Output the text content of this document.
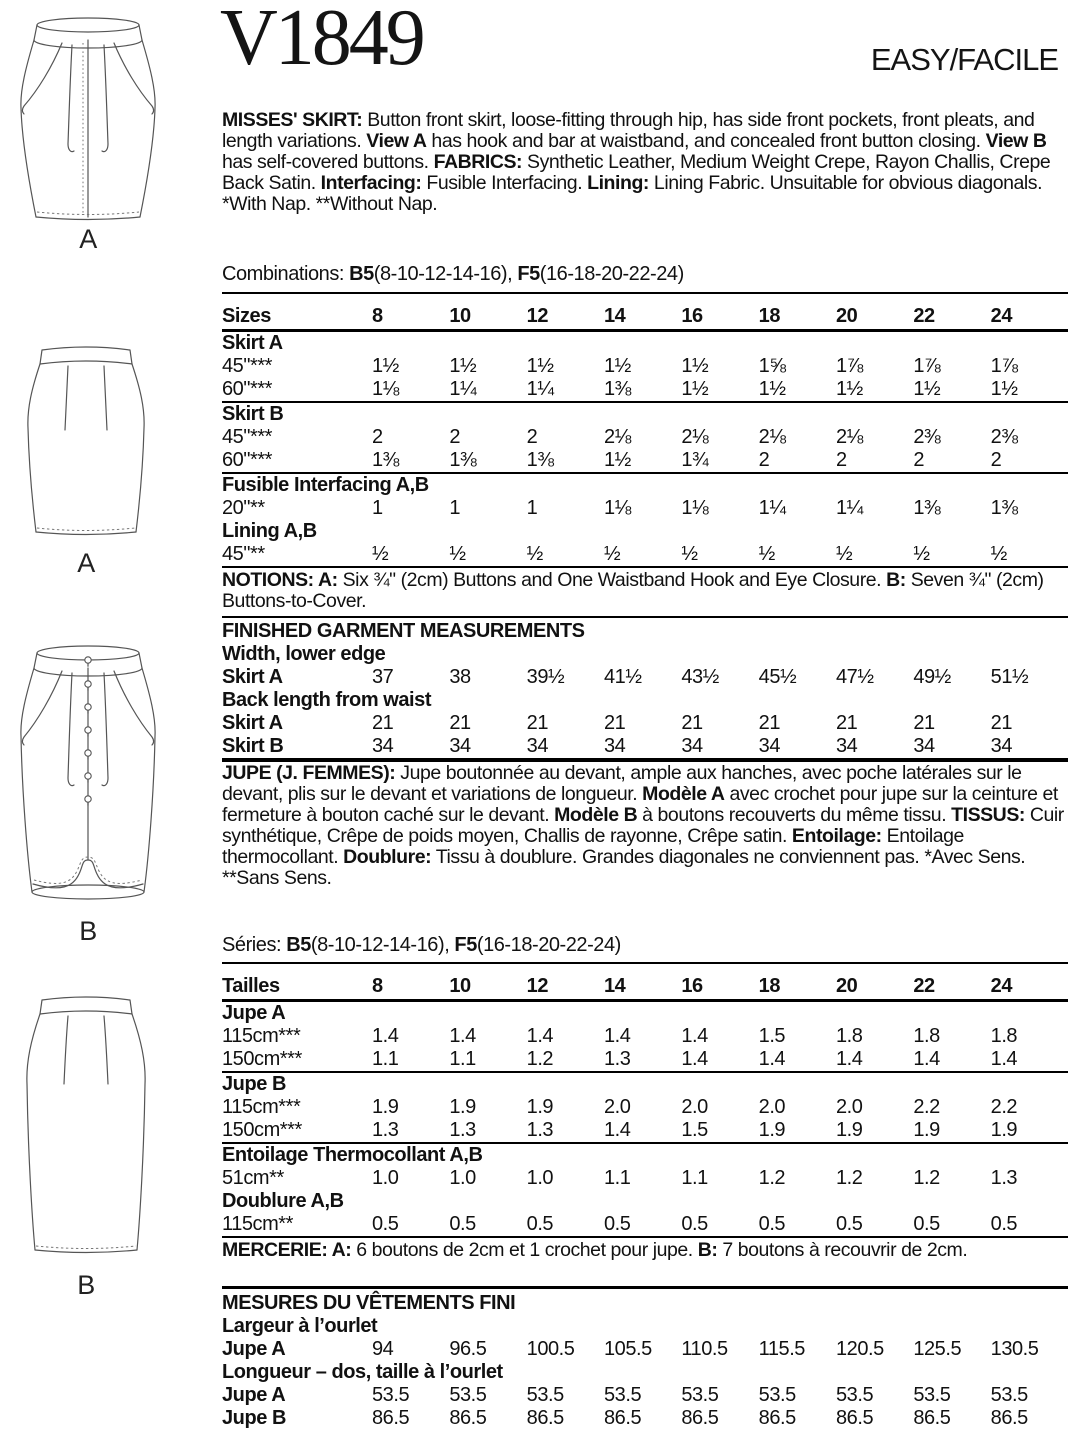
A
A
B
B
V1849	EASY/FACILE
MISSES' SKIRT: Button front skirt, loose-fitting through hip, has side front pockets, front pleats, and length variations. View A has hook and bar at waistband, and concealed front button closing. View B has self-covered buttons. FABRICS: Synthetic Leather, Medium Weight Crepe, Rayon Challis, Crepe Back Satin. Interfacing: Fusible Interfacing. Lining: Lining Fabric. Unsuitable for obvious diagonals. *With Nap. **Without Nap.
Combinations: B5(8-10-12-14-16), F5(16-18-20-22-24)
Sizes	8	10	12	14	16	18	20	22	24
Skirt A
45"***	1½	1½	1½	1½	1½	1⅝	1⅞	1⅞	1⅞
60"***	1⅛	1¼	1¼	1⅜	1½	1½	1½	1½	1½
Skirt B
45"***	2	2	2	2⅛	2⅛	2⅛	2⅛	2⅜	2⅜
60"***	1⅜	1⅜	1⅜	1½	1¾	2	2	2	2
Fusible Interfacing A,B
20"**	1	1	1	1⅛	1⅛	1¼	1¼	1⅜	1⅜
Lining A,B
45"**	½	½	½	½	½	½	½	½	½
NOTIONS: A: Six ¾" (2cm) Buttons and One Waistband Hook and Eye Closure. B: Seven ¾" (2cm) Buttons-to-Cover.
FINISHED GARMENT MEASUREMENTS
Width, lower edge
Skirt A	37	38	39½	41½	43½	45½	47½	49½	51½
Back length from waist
Skirt A	21	21	21	21	21	21	21	21	21
Skirt B	34	34	34	34	34	34	34	34	34
JUPE (J. FEMMES): Jupe boutonnée au devant, ample aux hanches, avec poche latérales sur le devant, plis sur le devant et variations de longueur. Modèle A avec crochet pour jupe sur la ceinture et fermeture à bouton caché sur le devant. Modèle B à boutons recouverts du même tissu. TISSUS: Cuir synthétique, Crêpe de poids moyen, Challis de rayonne, Crêpe satin. Entoilage: Entoilage thermocollant. Doublure: Tissu à doublure. Grandes diagonales ne conviennent pas. *Avec Sens. **Sans Sens.
Séries: B5(8-10-12-14-16), F5(16-18-20-22-24)
Tailles	8	10	12	14	16	18	20	22	24
Jupe A
115cm***	1.4	1.4	1.4	1.4	1.4	1.5	1.8	1.8	1.8
150cm***	1.1	1.1	1.2	1.3	1.4	1.4	1.4	1.4	1.4
Jupe B
115cm***	1.9	1.9	1.9	2.0	2.0	2.0	2.0	2.2	2.2
150cm***	1.3	1.3	1.3	1.4	1.5	1.9	1.9	1.9	1.9
Entoilage Thermocollant A,B
51cm**	1.0	1.0	1.0	1.1	1.1	1.2	1.2	1.2	1.3
Doublure A,B
115cm**	0.5	0.5	0.5	0.5	0.5	0.5	0.5	0.5	0.5
MERCERIE: A: 6 boutons de 2cm et 1 crochet pour jupe. B: 7 boutons à recouvrir de 2cm.
MESURES DU VÊTEMENTS FINI
Largeur à l’ourlet
Jupe A	94	96.5	100.5	105.5	110.5	115.5	120.5	125.5	130.5
Longueur – dos, taille à l’ourlet
Jupe A	53.5	53.5	53.5	53.5	53.5	53.5	53.5	53.5	53.5
Jupe B	86.5	86.5	86.5	86.5	86.5	86.5	86.5	86.5	86.5
